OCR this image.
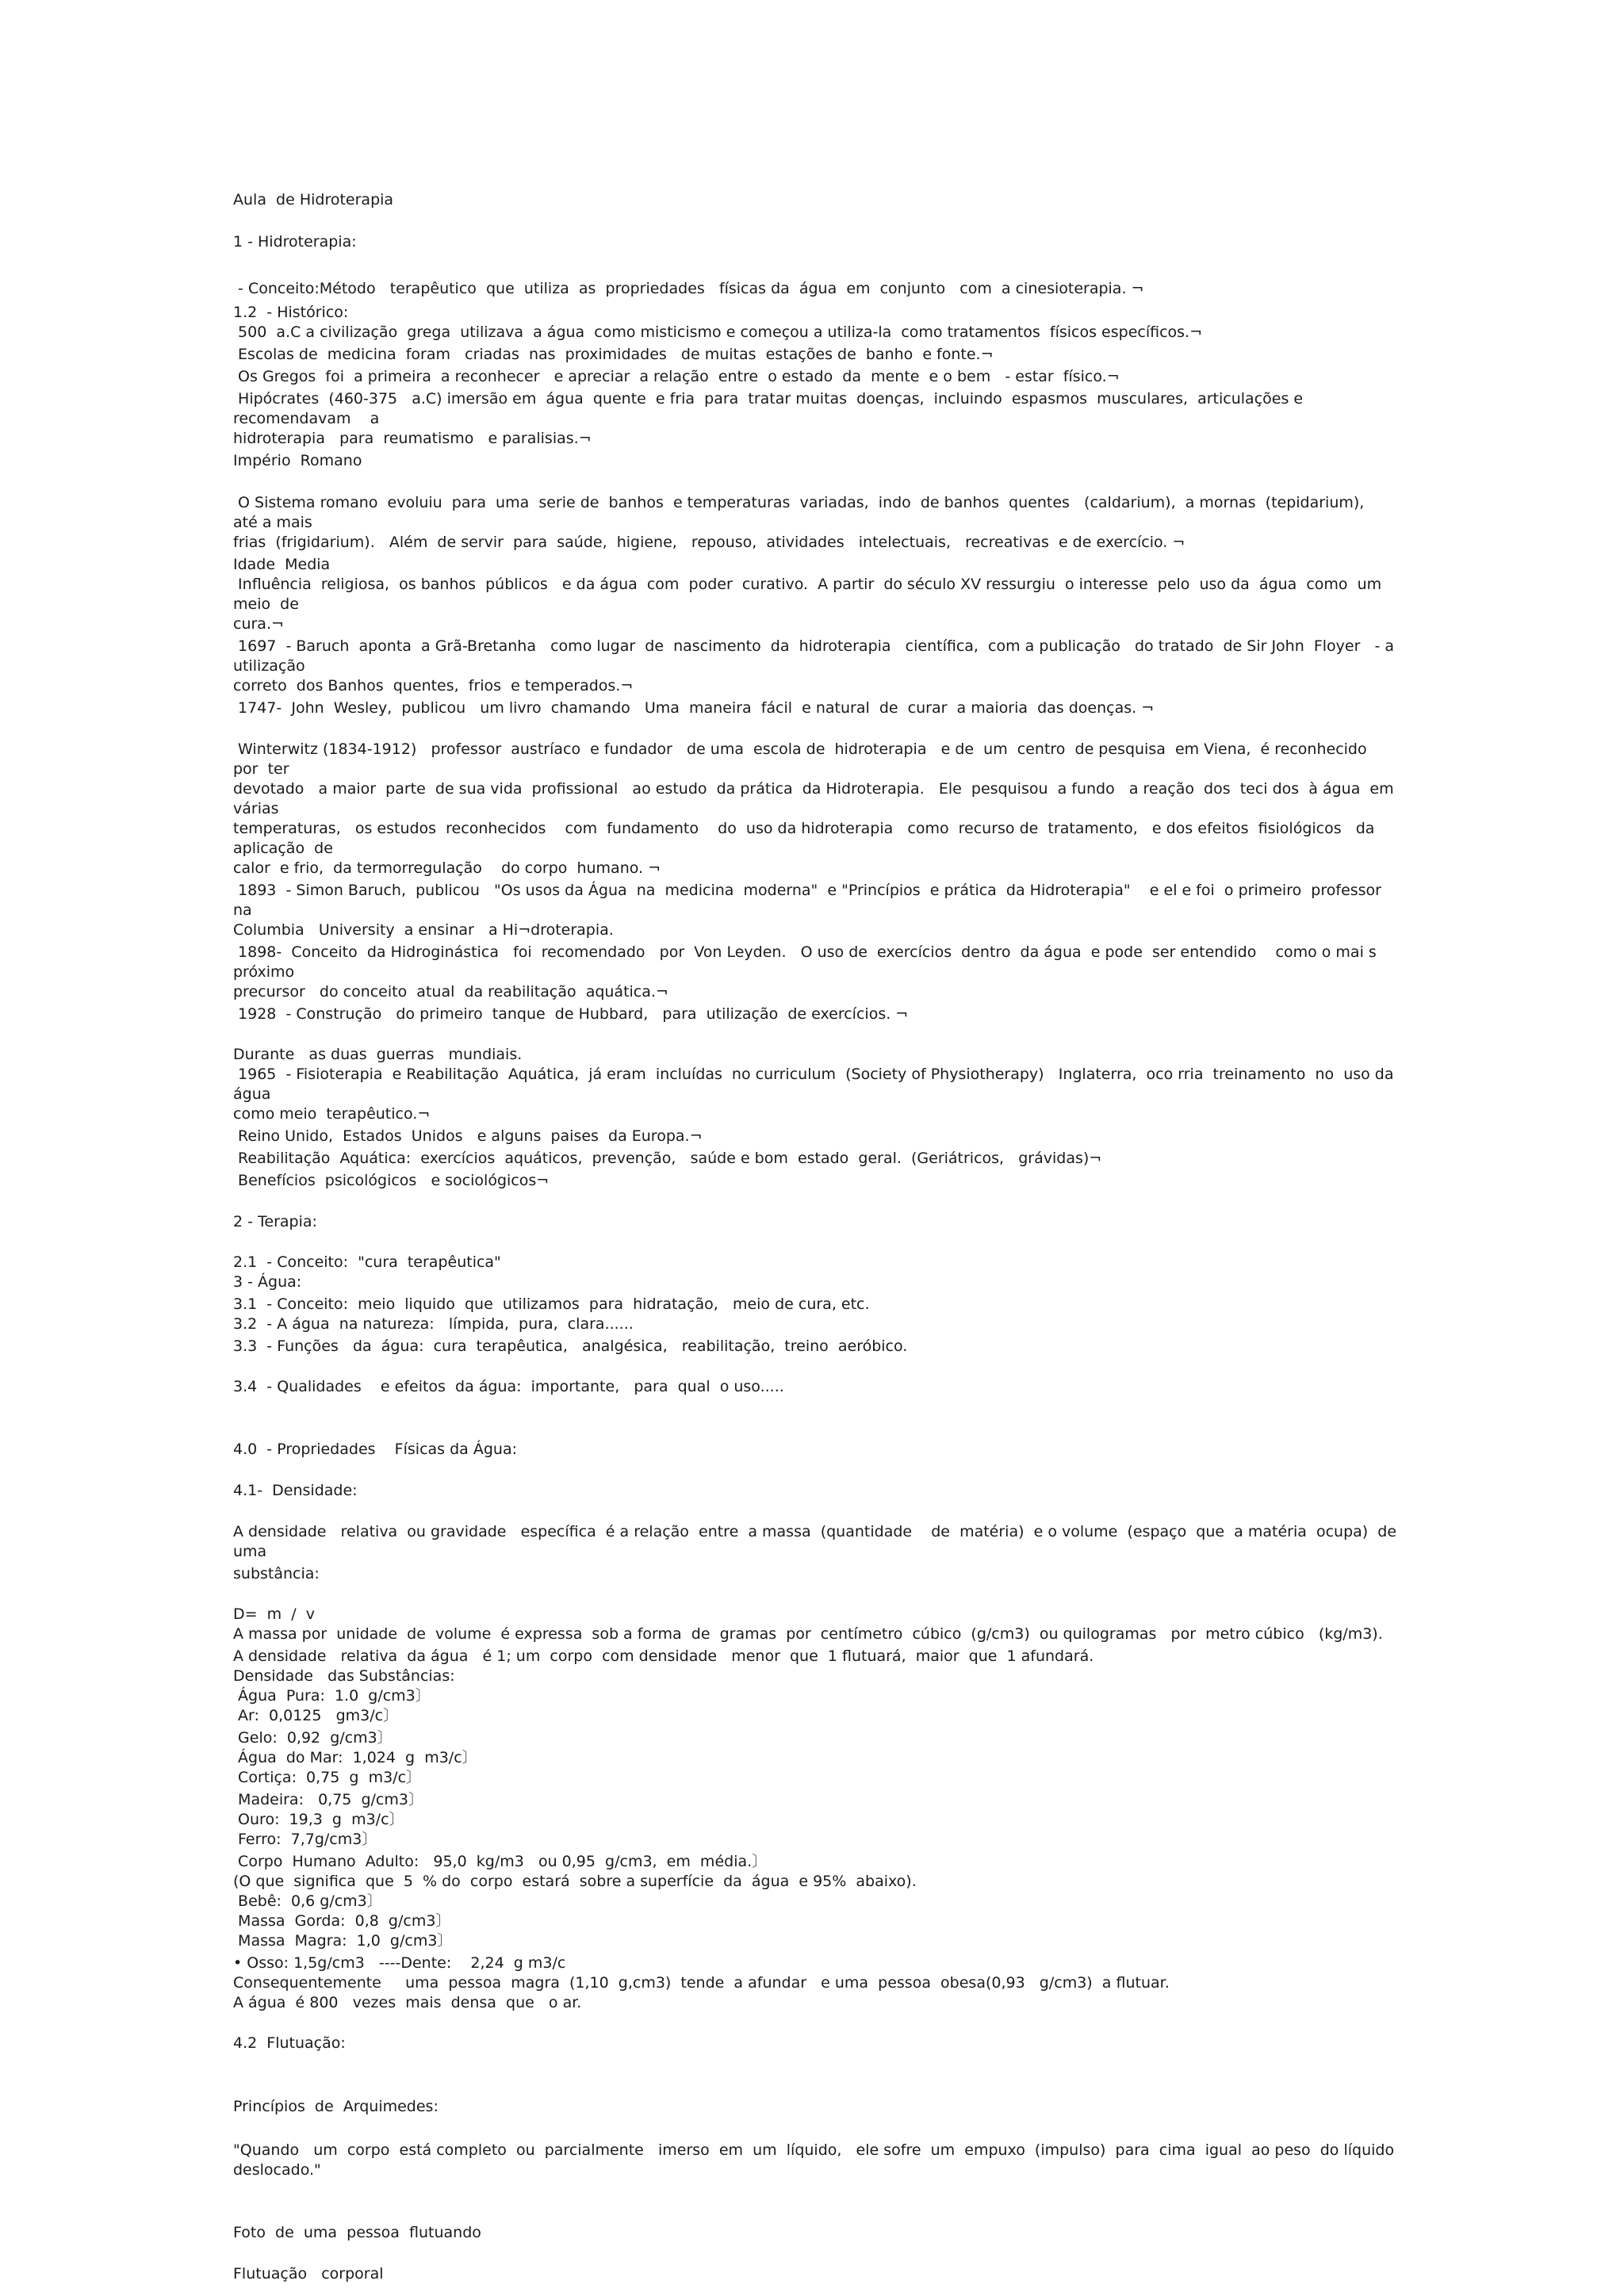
Aula  de Hidroterapia

1 - Hidroterapia:

- Conceito:Método   terapêutico  que  utiliza  as  propriedades   físicas da  água  em  conjunto   com  a cinesioterapia. ¬

1.2  - Histórico:

500  a.C a civilização  grega  utilizava  a água  como misticismo e começou a utiliza-la  como tratamentos  físicos específicos.¬

Escolas de  medicina  foram   criadas  nas  proximidades   de muitas  estações de  banho  e fonte.¬

Os Gregos  foi  a primeira  a reconhecer   e apreciar  a relação  entre  o estado  da  mente  e o bem   - estar  físico.¬

Hipócrates  (460-375   a.C) imersão em  água  quente  e fria  para  tratar muitas  doenças,  incluindo  espasmos  musculares,  articulações e recomendavam    a

hidroterapia   para  reumatismo   e paralisias.¬

Império  Romano

O Sistema romano  evoluiu  para  uma  serie de  banhos  e temperaturas  variadas,  indo  de banhos  quentes   (caldarium),  a mornas  (tepidarium),   até a mais

frias  (frigidarium).   Além  de servir  para  saúde,  higiene,   repouso,  atividades   intelectuais,   recreativas  e de exercício. ¬

Idade  Media

Influência  religiosa,  os banhos  públicos   e da água  com  poder  curativo.  A partir  do século XV ressurgiu  o interesse  pelo  uso da  água  como  um  meio  de

cura.¬

1697  - Baruch  aponta  a Grã-Bretanha   como lugar  de  nascimento  da  hidroterapia   científica,  com a publicação   do tratado  de Sir John  Floyer   - a utilização

correto  dos Banhos  quentes,  frios  e temperados.¬

1747-  John  Wesley,  publicou   um livro  chamando   Uma  maneira  fácil  e natural  de  curar  a maioria  das doenças. ¬

Winterwitz (1834-1912)   professor  austríaco  e fundador   de uma  escola de  hidroterapia   e de  um  centro  de pesquisa  em Viena,  é reconhecido   por  ter

devotado   a maior  parte  de sua vida  profissional   ao estudo  da prática  da Hidroterapia.   Ele  pesquisou  a fundo   a reação  dos  teci dos  à água  em  várias

temperaturas,   os estudos  reconhecidos    com  fundamento    do  uso da hidroterapia   como  recurso de  tratamento,   e dos efeitos  fisiológicos   da aplicação  de

calor  e frio,  da termorregulação    do corpo  humano. ¬

1893  - Simon Baruch,  publicou   "Os usos da Água  na  medicina  moderna"  e "Princípios  e prática  da Hidroterapia"    e el e foi  o primeiro  professor   na

Columbia   University  a ensinar   a Hi¬droterapia.

1898-  Conceito  da Hidroginástica   foi  recomendado   por  Von Leyden.   O uso de  exercícios  dentro  da água  e pode  ser entendido    como o mai s  próximo

precursor   do conceito  atual  da reabilitação  aquática.¬

1928  - Construção   do primeiro  tanque  de Hubbard,   para  utilização  de exercícios. ¬

Durante   as duas  guerras   mundiais.

1965  - Fisioterapia  e Reabilitação  Aquática,  já eram  incluídas  no curriculum  (Society of Physiotherapy)   Inglaterra,  oco rria  treinamento  no  uso da água

como meio  terapêutico.¬

Reino Unido,  Estados  Unidos   e alguns  paises  da Europa.¬

Reabilitação  Aquática:  exercícios  aquáticos,  prevenção,   saúde e bom  estado  geral.  (Geriátricos,   grávidas)¬

Benefícios  psicológicos   e sociológicos¬

2 - Terapia:

2.1  - Conceito:  "cura  terapêutica"

3 - Água:

3.1  - Conceito:  meio  liquido  que  utilizamos  para  hidratação,   meio de cura, etc.

3.2  - A água  na natureza:   límpida,  pura,  clara......

3.3  - Funções   da  água:  cura  terapêutica,   analgésica,   reabilitação,  treino  aeróbico.

3.4  - Qualidades    e efeitos  da água:  importante,   para  qual  o uso.....

4.0  - Propriedades    Físicas da Água:

4.1-  Densidade:

A densidade   relativa  ou gravidade   específica  é a relação  entre  a massa  (quantidade    de  matéria)  e o volume  (espaço  que  a matéria  ocupa)  de  uma

substância:

D=  m  /  v

A massa por  unidade  de  volume  é expressa  sob a forma  de  gramas  por  centímetro  cúbico  (g/cm3)  ou quilogramas   por  metro cúbico   (kg/m3).

A densidade   relativa  da água   é 1; um  corpo  com densidade   menor  que  1 flutuará,  maior  que  1 afundará.

Densidade   das Substâncias:

Água  Pura:  1.0  g/cm3〕

Ar:  0,0125   gm3/c〕

Gelo:  0,92  g/cm3〕

Água  do Mar:  1,024  g  m3/c〕

Cortiça:  0,75  g  m3/c〕

Madeira:   0,75  g/cm3〕

Ouro:  19,3  g  m3/c〕

Ferro:  7,7g/cm3〕

Corpo  Humano  Adulto:   95,0  kg/m3   ou 0,95  g/cm3,  em  média.〕

(O que  significa  que  5  % do  corpo  estará  sobre a superfície  da  água  e 95%  abaixo).

Bebê:  0,6 g/cm3〕

Massa  Gorda:  0,8  g/cm3〕

Massa  Magra:  1,0  g/cm3〕

• Osso: 1,5g/cm3   ----Dente:    2,24  g m3/c

Consequentemente     uma  pessoa  magra  (1,10  g,cm3)  tende  a afundar   e uma  pessoa  obesa(0,93   g/cm3)  a flutuar.

A água  é 800   vezes  mais  densa  que   o ar.

4.2  Flutuação:

Princípios  de  Arquimedes:

"Quando   um  corpo  está completo  ou  parcialmente   imerso  em  um  líquido,   ele sofre  um  empuxo  (impulso)  para  cima  igual  ao peso  do líquido   deslocado."

Foto  de  uma  pessoa  flutuando

Flutuação   corporal
